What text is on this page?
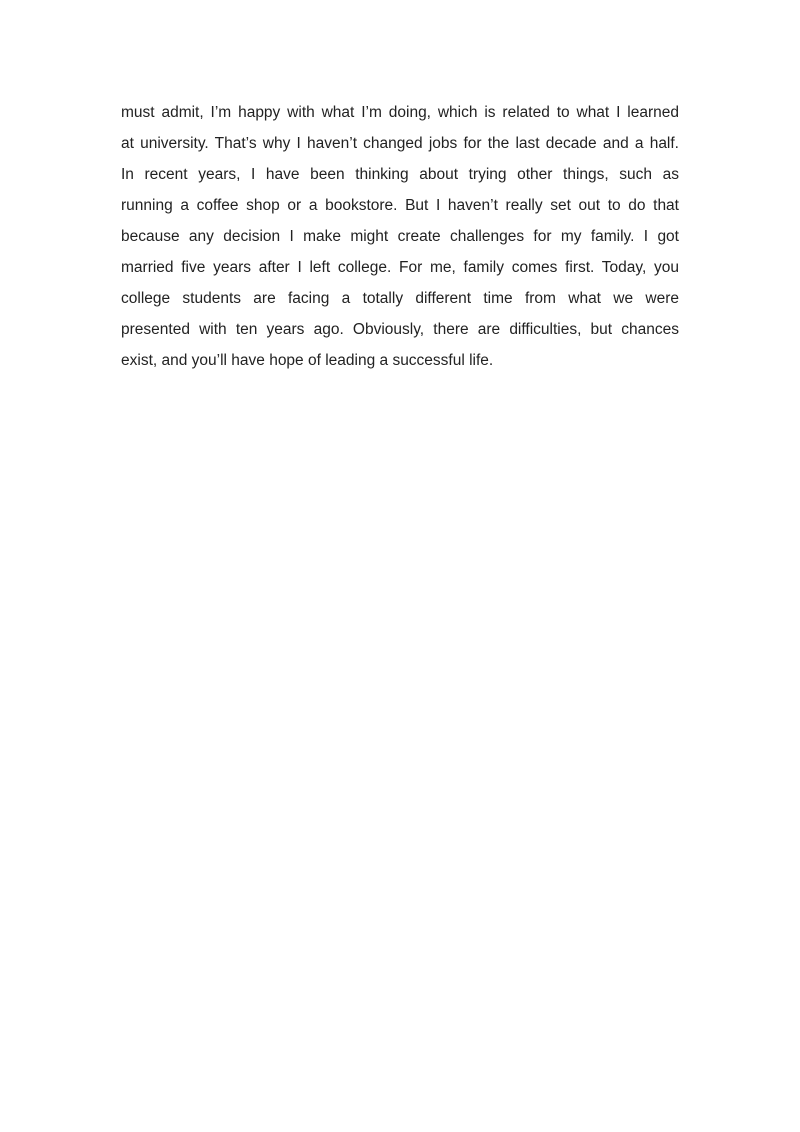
must admit, I’m happy with what I’m doing, which is related to what I learned
at university. That’s why I haven’t changed jobs for the last decade and a half.
In recent years, I have been thinking about trying other things, such as
running a coffee shop or a bookstore. But I haven’t really set out to do that
because any decision I make might create challenges for my family. I got
married five years after I left college. For me, family comes first. Today, you
college students are facing a totally different time from what we were
presented with ten years ago. Obviously, there are difficulties, but chances
exist, and you’ll have hope of leading a successful life.
